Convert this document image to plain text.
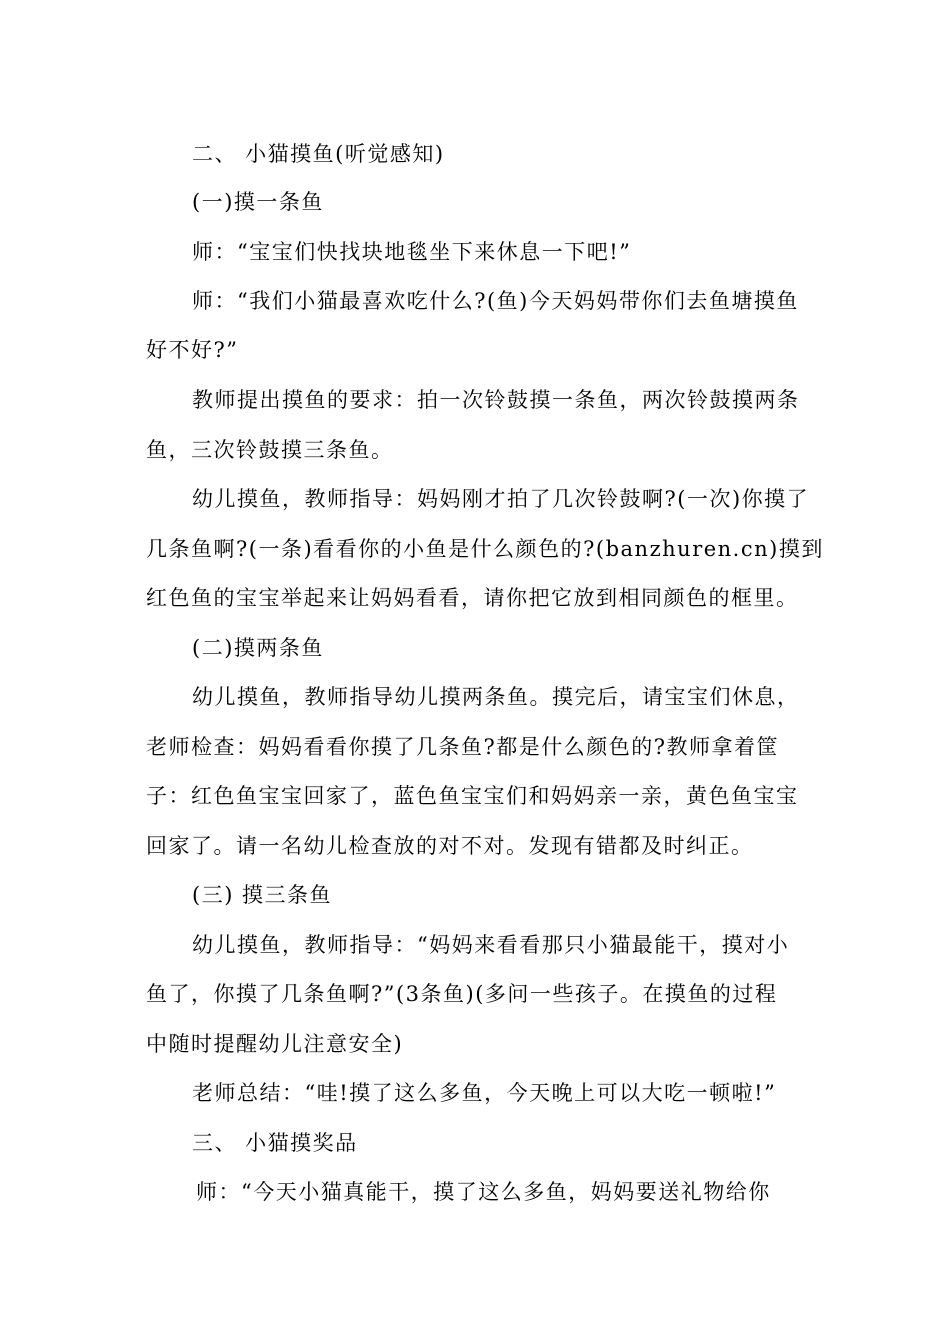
二、 小猫摸鱼(听觉感知)
(一)摸一条鱼
师：“宝宝们快找块地毯坐下来休息一下吧!”
师：“我们小猫最喜欢吃什么?(鱼)今天妈妈带你们去鱼塘摸鱼
好不好?”
教师提出摸鱼的要求：拍一次铃鼓摸一条鱼，两次铃鼓摸两条
鱼，三次铃鼓摸三条鱼。
幼儿摸鱼，教师指导：妈妈刚才拍了几次铃鼓啊?(一次)你摸了
几条鱼啊?(一条)看看你的小鱼是什么颜色的?(banzhuren.cn)摸到
红色鱼的宝宝举起来让妈妈看看，请你把它放到相同颜色的框里。
(二)摸两条鱼
幼儿摸鱼，教师指导幼儿摸两条鱼。摸完后，请宝宝们休息，
老师检查：妈妈看看你摸了几条鱼?都是什么颜色的?教师拿着筐
子：红色鱼宝宝回家了，蓝色鱼宝宝们和妈妈亲一亲，黄色鱼宝宝
回家了。请一名幼儿检查放的对不对。发现有错都及时纠正。
(三) 摸三条鱼
幼儿摸鱼，教师指导：“妈妈来看看那只小猫最能干，摸对小
鱼了，你摸了几条鱼啊?”(3条鱼)(多问一些孩子。在摸鱼的过程
中随时提醒幼儿注意安全)
老师总结：“哇!摸了这么多鱼，今天晚上可以大吃一顿啦!”
三、 小猫摸奖品
师：“今天小猫真能干，摸了这么多鱼，妈妈要送礼物给你
